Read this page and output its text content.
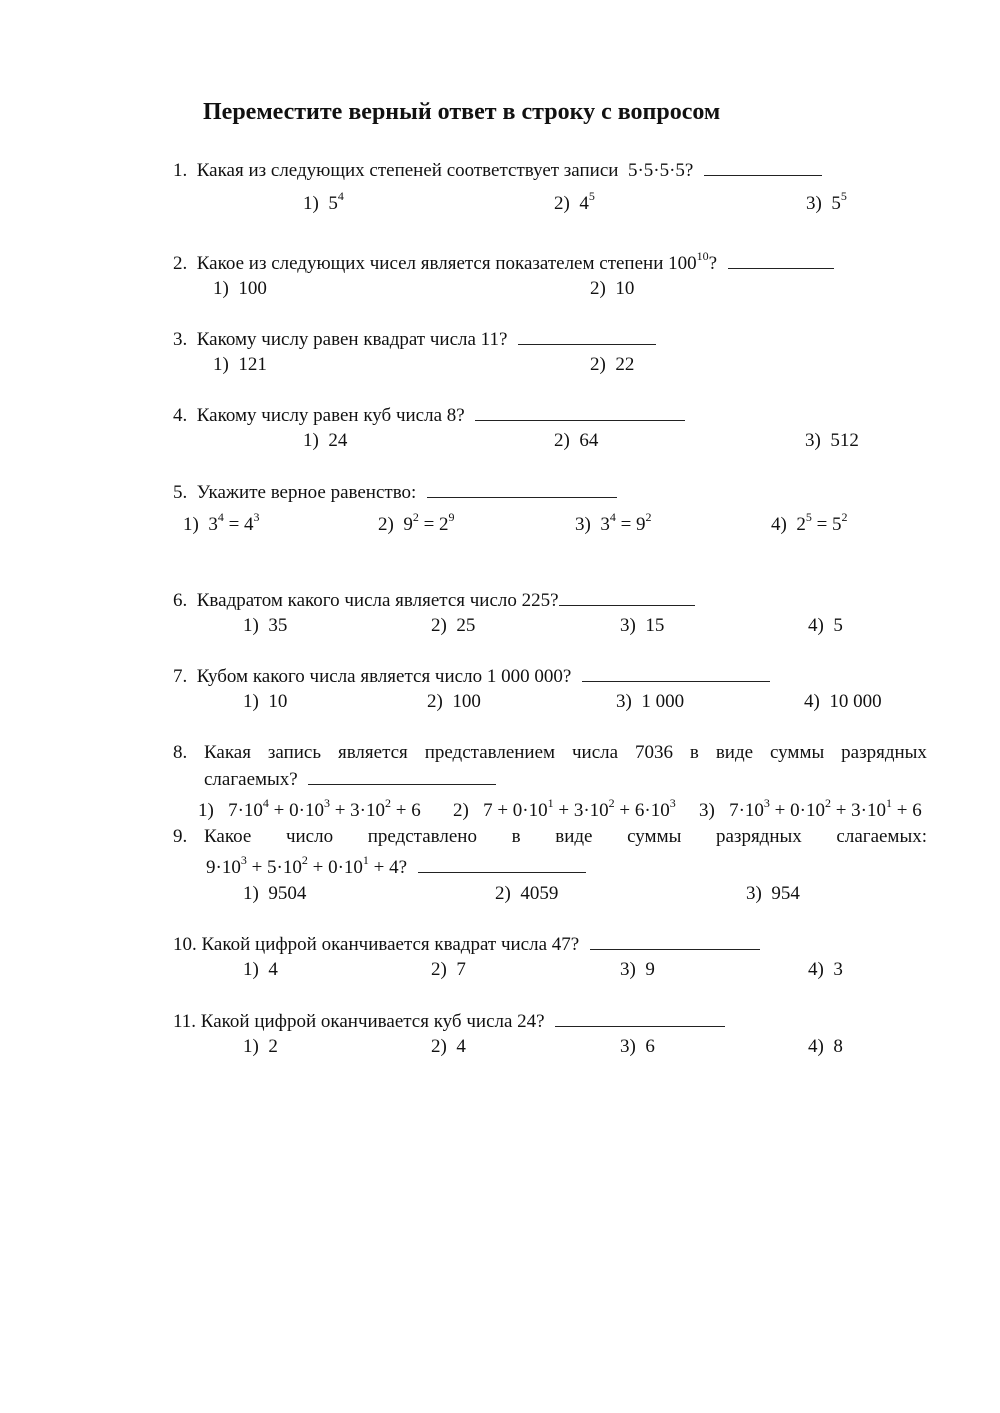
Переместите верный ответ в строку с вопросом
1. Какая из следующих степеней соответствует записи 5·5·5·5?
1) $5^4$	2) $4^5$	3) $5^5$
2. Какое из следующих чисел является показателем степени $100^{10}$?
1) 100	2) 10
3. Какому числу равен квадрат числа 11?
1) 121	2) 22
4. Какому числу равен куб числа 8?
1) 24	2) 64	3) 512
5. Укажите верное равенство:
1) $3^4 = 4^3$	2) $9^2 = 2^9$	3) $3^4 = 9^2$	4) $2^5 = 5^2$
6. Квадратом какого числа является число 225?
1) 35	2) 25	3) 15	4) 5
7. Кубом какого числа является число 1 000 000?
1) 10	2) 100	3) 1 000	4) 10 000
8. Какая запись является представлением числа 7036 в виде суммы разрядных
слагаемых?
1) $7\cdot 10^4 + 0\cdot 10^3 + 3\cdot 10^2 + 6$ 2) $7 + 0\cdot 10^1 + 3\cdot 10^2 + 6\cdot 10^3$ 3) $7\cdot 10^3 + 0\cdot 10^2 + 3\cdot 10^1 + 6$
9. Какое число представлено в виде суммы разрядных слагаемых:
$9\cdot 10^3 + 5\cdot 10^2 + 0\cdot 10^1 + 4$?
1) 9504	2) 4059	3) 954
10. Какой цифрой оканчивается квадрат числа 47?
1) 4	2) 7	3) 9	4) 3
11. Какой цифрой оканчивается куб числа 24?
1) 2	2) 4	3) 6	4) 8
